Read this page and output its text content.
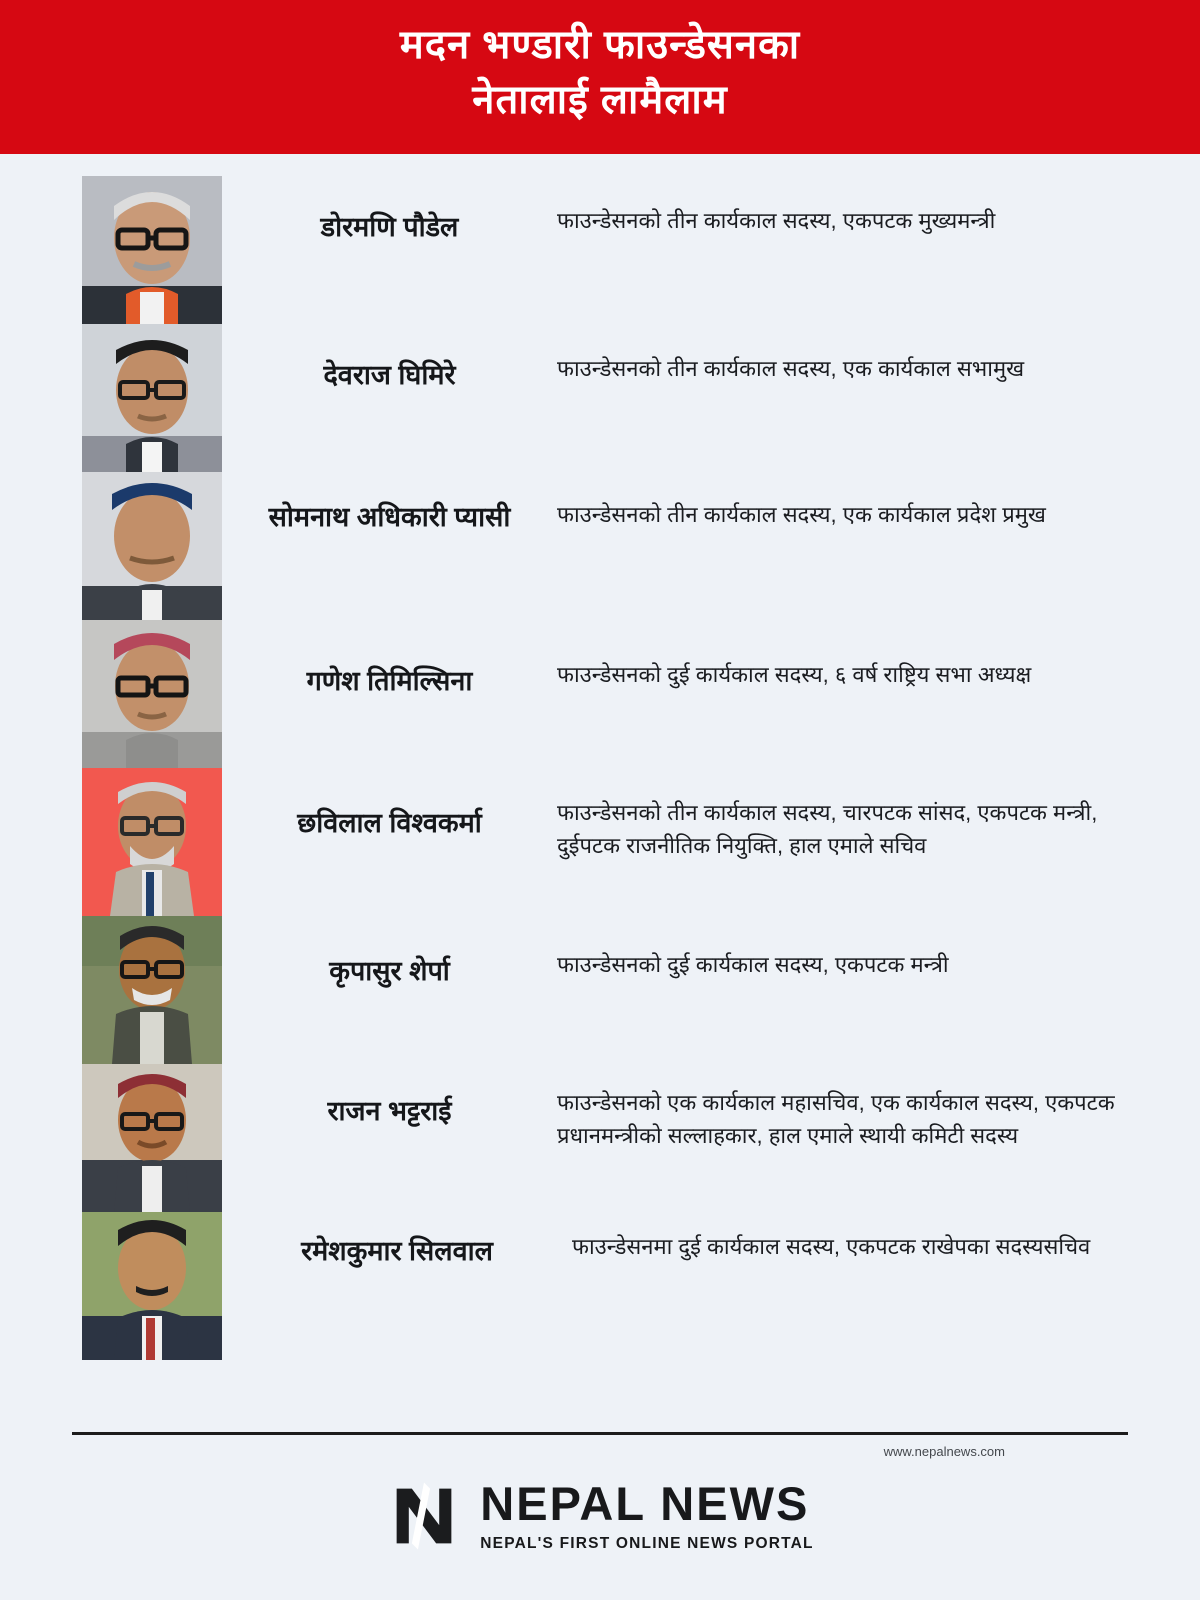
मदन भण्डारी फाउन्डेसनका
नेतालाई लामैलाम
डोरमणि पौडेल	फाउन्डेसनको तीन कार्यकाल सदस्य, एकपटक मुख्यमन्त्री
देवराज घिमिरे	फाउन्डेसनको तीन कार्यकाल सदस्य, एक कार्यकाल सभामुख
सोमनाथ अधिकारी प्यासी	फाउन्डेसनको तीन कार्यकाल सदस्य, एक कार्यकाल प्रदेश प्रमुख
गणेश तिमिल्सिना	फाउन्डेसनको दुई कार्यकाल सदस्य, ६ वर्ष राष्ट्रिय सभा अध्यक्ष
छविलाल विश्वकर्मा	फाउन्डेसनको तीन कार्यकाल सदस्य, चारपटक सांसद, एकपटक मन्त्री, दुईपटक राजनीतिक नियुक्ति, हाल एमाले सचिव
कृपासुर शेर्पा	फाउन्डेसनको दुई कार्यकाल सदस्य, एकपटक मन्त्री
राजन भट्टराई	फाउन्डेसनको एक कार्यकाल महासचिव, एक कार्यकाल सदस्य, एकपटक प्रधानमन्त्रीको सल्लाहकार, हाल एमाले स्थायी कमिटी सदस्य
रमेशकुमार सिलवाल	फाउन्डेसनमा दुई कार्यकाल सदस्य, एकपटक राखेपका सदस्यसचिव
www.nepalnews.com
NEPAL NEWS
NEPAL'S FIRST ONLINE NEWS PORTAL
